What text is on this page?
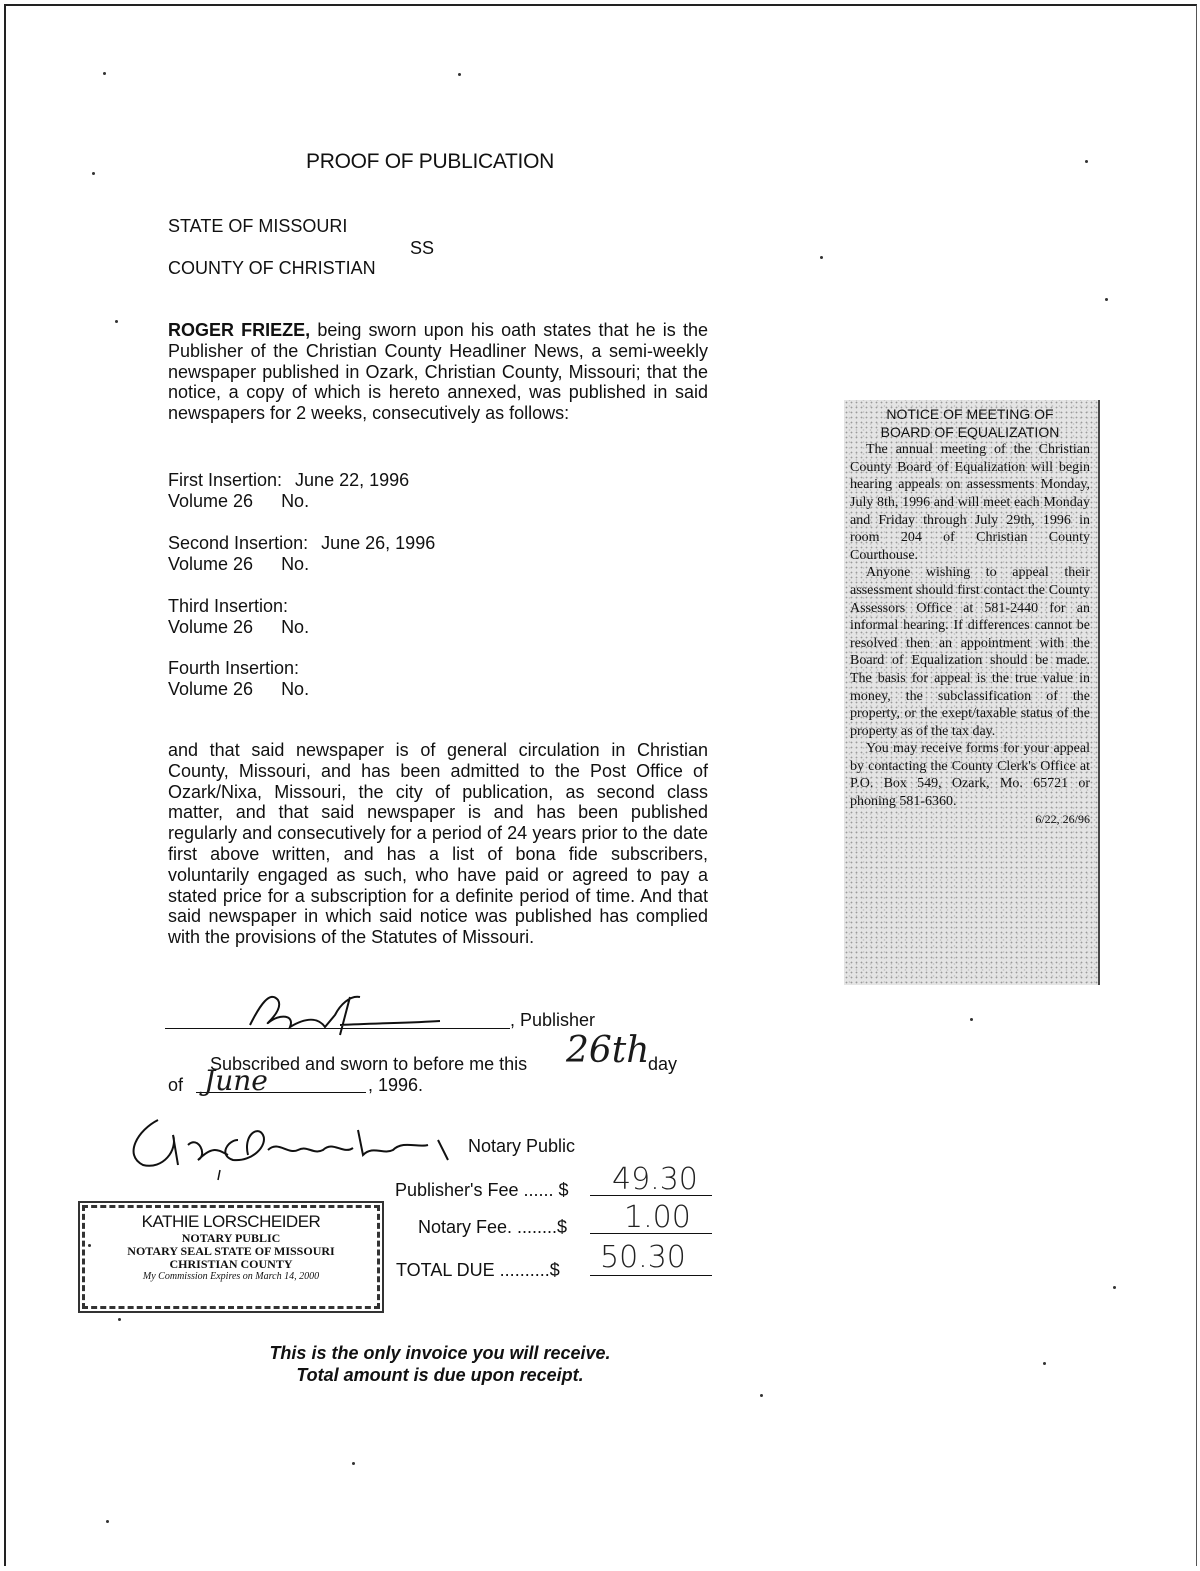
PROOF OF PUBLICATION
STATE OF MISSOURI
SS
COUNTY OF CHRISTIAN
ROGER FRIEZE, being sworn upon his oath states that he is the Publisher of the Christian County Headliner News, a semi-weekly newspaper published in Ozark, Christian County, Missouri; that the notice, a copy of which is hereto annexed, was published in said newspapers for 2 weeks, consecutively as follows:
First Insertion: June 22, 1996
Volume 26 No.
Second Insertion: June 26, 1996
Volume 26 No.
Third Insertion:
Volume 26 No.
Fourth Insertion:
Volume 26 No.
and that said newspaper is of general circulation in Christian County, Missouri, and has been admitted to the Post Office of Ozark/Nixa, Missouri, the city of publication, as second class matter, and that said newspaper is and has been published regularly and consecutively for a period of 24 years prior to the date first above written, and has a list of bona fide subscribers, voluntarily engaged as such, who have paid or agreed to pay a stated price for a subscription for a definite period of time. And that said newspaper in which said notice was published has complied with the provisions of the Statutes of Missouri.
, Publisher
Subscribed and sworn to before me this 26th
day
of June	, 1996.
Notary Public
Publisher's Fee ...... $ 49.30
Notary Fee. ........$ 1.00
TOTAL DUE ..........$ 50.30
KATHIE LORSCHEIDER
NOTARY PUBLIC
NOTARY SEAL STATE OF MISSOURI
CHRISTIAN COUNTY
My Commission Expires on March 14, 2000
This is the only invoice you will receive.
Total amount is due upon receipt.
NOTICE OF MEETING OF
BOARD OF EQUALIZATION
The annual meeting of the Christian County Board of Equalization will begin hearing appeals on assessments Monday, July 8th, 1996 and will meet each Monday and Friday through July 29th, 1996 in room 204 of Christian County Courthouse.
Anyone wishing to appeal their assessment should first contact the County Assessors Office at 581-2440 for an informal hearing. If differences cannot be resolved then an appointment with the Board of Equalization should be made. The basis for appeal is the true value in money, the subclassification of the property, or the exept/taxable status of the property as of the tax day.
You may receive forms for your appeal by contacting the County Clerk's Office at P.O. Box 549, Ozark, Mo. 65721 or phoning 581-6360.
6/22, 26/96
